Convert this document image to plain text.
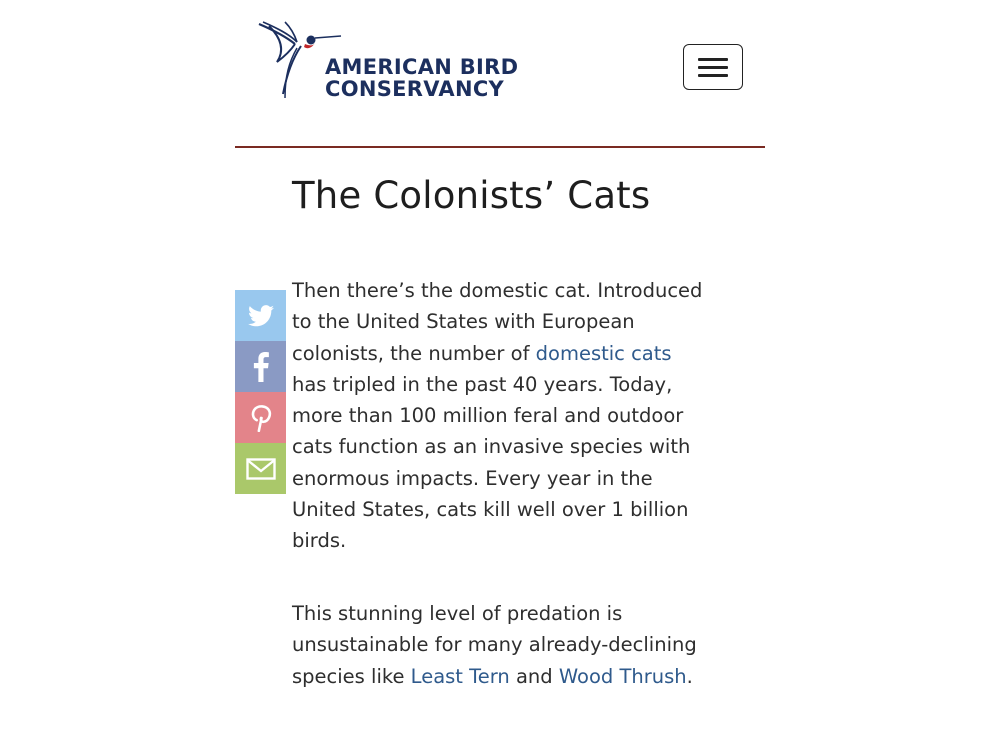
AMERICAN BIRD
CONSERVANCY
The Colonists’ Cats

Then there’s the domestic cat. Introduced to the United States with European colonists, the number of domestic cats has tripled in the past 40 years. Today, more than 100 million feral and outdoor cats function as an invasive species with enormous impacts. Every year in the United States, cats kill well over 1 billion birds.

This stunning level of predation is unsustainable for many already-declining species like Least Tern and Wood Thrush.
